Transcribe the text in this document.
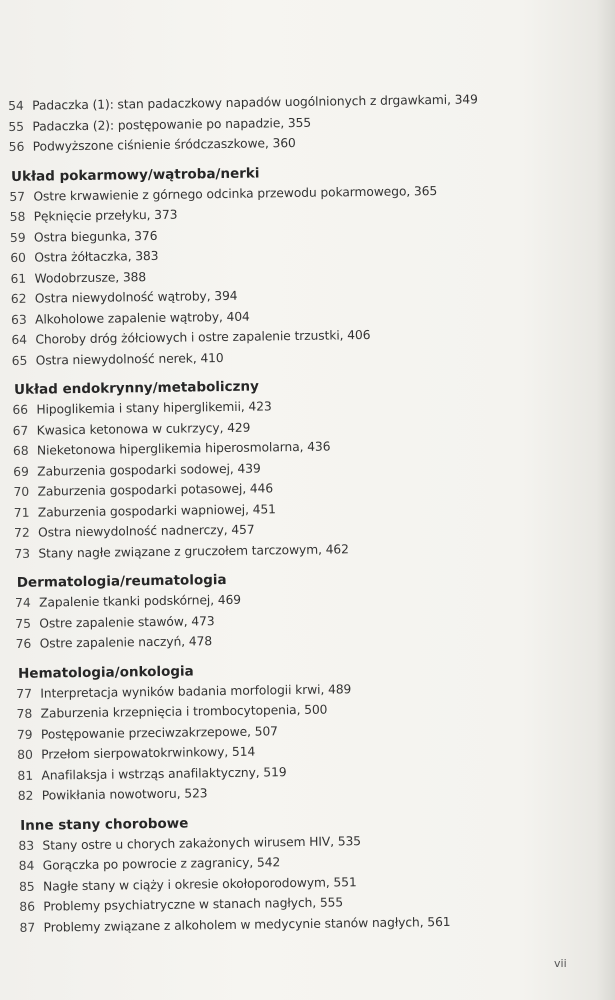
54 Padaczka (1): stan padaczkowy napadów uogólnionych z drgawkami, 349
55 Padaczka (2): postępowanie po napadzie, 355
56 Podwyższone ciśnienie śródczaszkowe, 360
Układ pokarmowy/wątroba/nerki
57 Ostre krwawienie z górnego odcinka przewodu pokarmowego, 365
58 Pęknięcie przełyku, 373
59 Ostra biegunka, 376
60 Ostra żółtaczka, 383
61 Wodobrzusze, 388
62 Ostra niewydolność wątroby, 394
63 Alkoholowe zapalenie wątroby, 404
64 Choroby dróg żółciowych i ostre zapalenie trzustki, 406
65 Ostra niewydolność nerek, 410
Układ endokrynny/metaboliczny
66 Hipoglikemia i stany hiperglikemii, 423
67 Kwasica ketonowa w cukrzycy, 429
68 Nieketonowa hiperglikemia hiperosmolarna, 436
69 Zaburzenia gospodarki sodowej, 439
70 Zaburzenia gospodarki potasowej, 446
71 Zaburzenia gospodarki wapniowej, 451
72 Ostra niewydolność nadnerczy, 457
73 Stany nagłe związane z gruczołem tarczowym, 462
Dermatologia/reumatologia
74 Zapalenie tkanki podskórnej, 469
75 Ostre zapalenie stawów, 473
76 Ostre zapalenie naczyń, 478
Hematologia/onkologia
77 Interpretacja wyników badania morfologii krwi, 489
78 Zaburzenia krzepnięcia i trombocytopenia, 500
79 Postępowanie przeciwzakrzepowe, 507
80 Przełom sierpowatokrwinkowy, 514
81 Anafilaksja i wstrząs anafilaktyczny, 519
82 Powikłania nowotworu, 523
Inne stany chorobowe
83 Stany ostre u chorych zakażonych wirusem HIV, 535
84 Gorączka po powrocie z zagranicy, 542
85 Nagłe stany w ciąży i okresie okołoporodowym, 551
86 Problemy psychiatryczne w stanach nagłych, 555
87 Problemy związane z alkoholem w medycynie stanów nagłych, 561
vii
